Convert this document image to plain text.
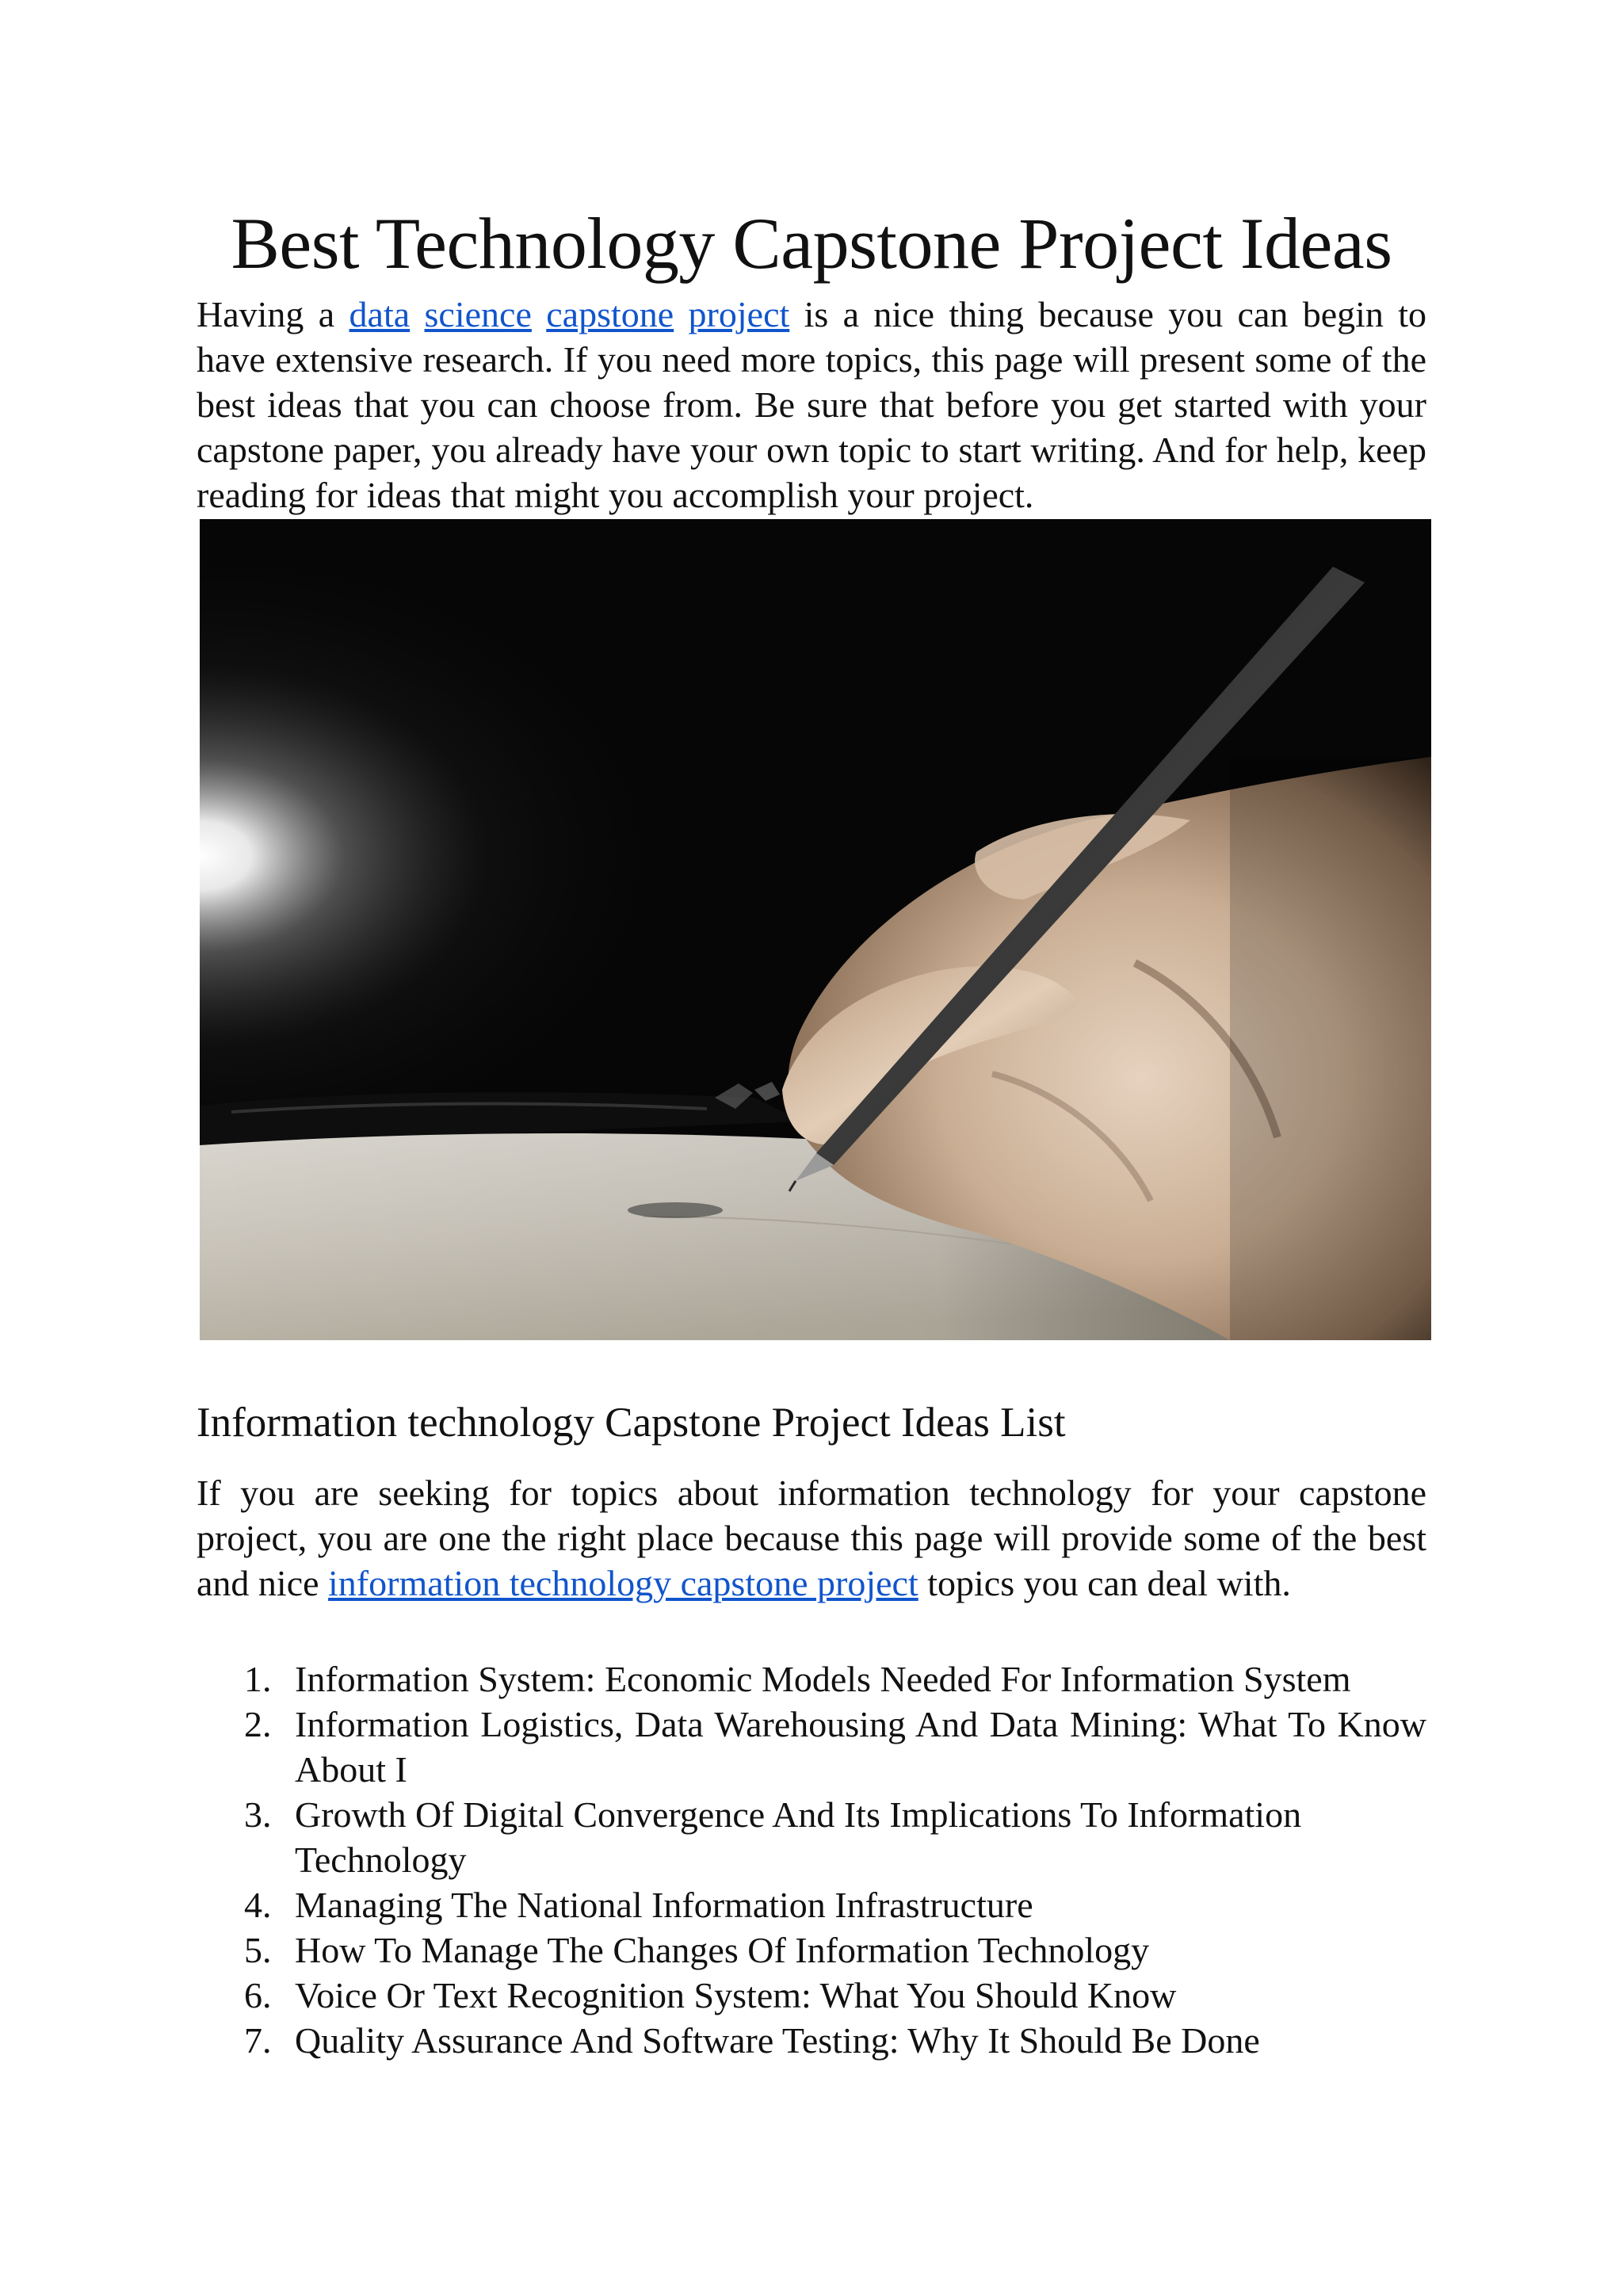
Best Technology Capstone Project Ideas

Having a data science capstone project is a nice thing because you can begin to have extensive research. If you need more topics, this page will present some of the best ideas that you can choose from. Be sure that before you get started with your capstone paper, you already have your own topic to start writing. And for help, keep reading for ideas that might you accomplish your project.

Information technology Capstone Project Ideas List

If you are seeking for topics about information technology for your capstone project, you are one the right place because this page will provide some of the best and nice information technology capstone project topics you can deal with.

1. Information System: Economic Models Needed For Information System
2. Information Logistics, Data Warehousing And Data Mining: What To Know About I
3. Growth Of Digital Convergence And Its Implications To Information Technology
4. Managing The National Information Infrastructure
5. How To Manage The Changes Of Information Technology
6. Voice Or Text Recognition System: What You Should Know
7. Quality Assurance And Software Testing: Why It Should Be Done
